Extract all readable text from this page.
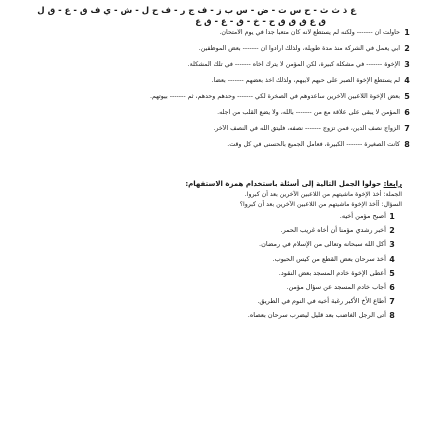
ع ذ ث ث - ح س ت - ض - س ب ز - ف ج ر - ف ح ل - ش - ي ف ق - ع - ق ل
ق ع ق ق ق ح - خ - ق - ع - ق ع
1
حاولت أن ------- ولكنه لم يستطع لأنه كان متعبا جدا في يوم الامتحان.
2
أبي يعمل في الشركة منذ مدة طويلة، ولذلك أرادوا أن ------- بعض الموظفين.
3
الإخوة ------- في مشكلة كبيرة، لكن المؤمن لا يترك أخاه ------- في تلك المشكلة.
4
لم يستطع الإخوة الصبر على حبهم لأبيهم، ولذلك أخذ بعضهم ------- بعضا.
5
بعض الإخوة اللاعبين الآخرين ساعدوهم في الصخرة لكي ------- وحدهم وحدهم، ثم ------- بيوتهم.
6
المؤمن لا يبقى على علاقة مع من ------- بالله، ولا يضع القلب من أجله.
7
الزواج نصف الدين، فمن تزوج ------- نصفه، فليتق الله في النصف الآخر.
8
كانت الصغيرة ------- الكبيرة، فعامل الجميع بالحسنى في كل وقت.
رابعا: حولوا الجمل التالية إلى أسئلة باستخدام همزة الاستفهام:
الجملة: أخذ الإخوة ماشيتهم من اللاعبين الآخرين بعد أن كبروا.
السؤال: أأخذ الإخوة ماشيتهم من اللاعبين الآخرين بعد أن كبروا؟
1
أصبح مؤمن أخيه.
2
أخبر رشدي مؤمنا أن أخاه غريب الحمر.
3
أكل الله سبحانه وتعالى من الإسلام في رمضان.
4
أخذ سرحان بعض القطع من كيس الحبوب.
5
أعطى الإخوة خادم المسجد بعض النقود.
6
أجاب خادم المسجد عن سؤال مؤمن.
7
أطاع الأخ الأكبر رغبة أخيه في النوم في الطريق.
8
أتى الرجل الغاضب بعد قليل ليضرب سرحان بعصاه.
